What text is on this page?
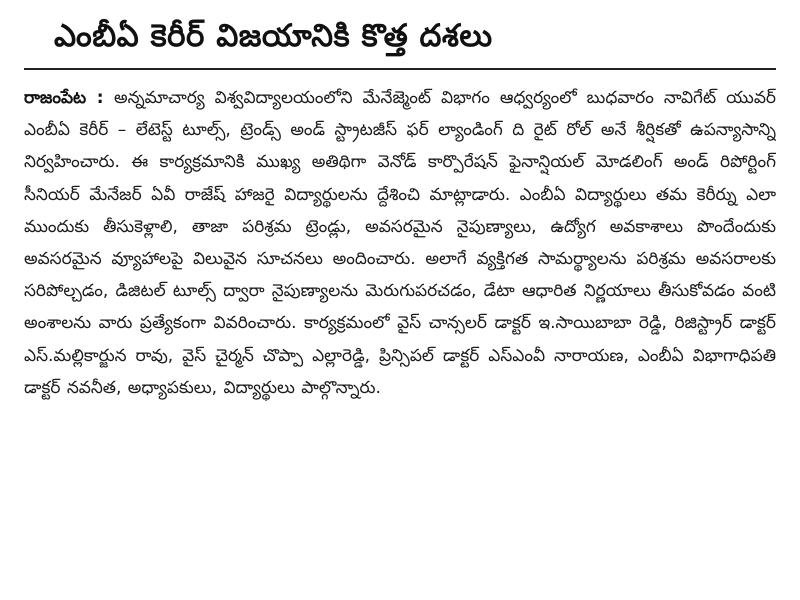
ఎంబీఏ కెరీర్ విజయానికి కొత్త దశలు

రాజంపేట : అన్నమాచార్య విశ్వవిద్యాలయంలోని మేనేజ్మెంట్ విభాగం ఆధ్వర్యంలో బుధవారం నావిగేట్ యువర్ ఎంబీఏ కెరీర్ – లేటెస్ట్ టూల్స్, ట్రెండ్స్ అండ్ స్ట్రాటజీస్ ఫర్ ల్యాండింగ్ ది రైట్ రోల్ అనే శీర్షికతో ఉపన్యాసాన్ని నిర్వహించారు. ఈ కార్యక్రమానికి ముఖ్య అతిథిగా వెనోడ్ కార్పొరేషన్ ఫైనాన్షియల్ మోడలింగ్ అండ్ రిపోర్టింగ్ సీనియర్ మేనేజర్ ఏవీ రాజేష్ హాజరై విద్యార్థులను ద్దేశించి మాట్లాడారు. ఎంబీఏ విద్యార్థులు తమ కెరీర్ను ఎలా ముందుకు తీసుకెళ్లాలి, తాజా పరిశ్రమ ట్రెండ్లు, అవసరమైన నైపుణ్యాలు, ఉద్యోగ అవకాశాలు పొందేందుకు అవసరమైన వ్యూహాలపై విలువైన సూచనలు అందించారు. అలాగే వ్యక్తిగత సామర్థ్యాలను పరిశ్రమ అవసరాలకు సరిపోల్చడం, డిజిటల్ టూల్స్ ద్వారా నైపుణ్యాలను మెరుగుపరచడం, డేటా ఆధారిత నిర్ణయాలు తీసుకోవడం వంటి అంశాలను వారు ప్రత్యేకంగా వివరించారు. కార్యక్రమంలో వైస్ చాన్సలర్ డాక్టర్ ఇ.సాయిబాబా రెడ్డి, రిజిస్ట్రార్ డాక్టర్ ఎస్.మల్లికార్జున రావు, వైస్ చైర్మన్ చొప్పా ఎల్లారెడ్డి, ప్రిన్సిపల్ డాక్టర్ ఎస్ఎంవీ నారాయణ, ఎంబీఏ విభాగాధిపతి డాక్టర్ నవనీత, అధ్యాపకులు, విద్యార్థులు పాల్గొన్నారు.
